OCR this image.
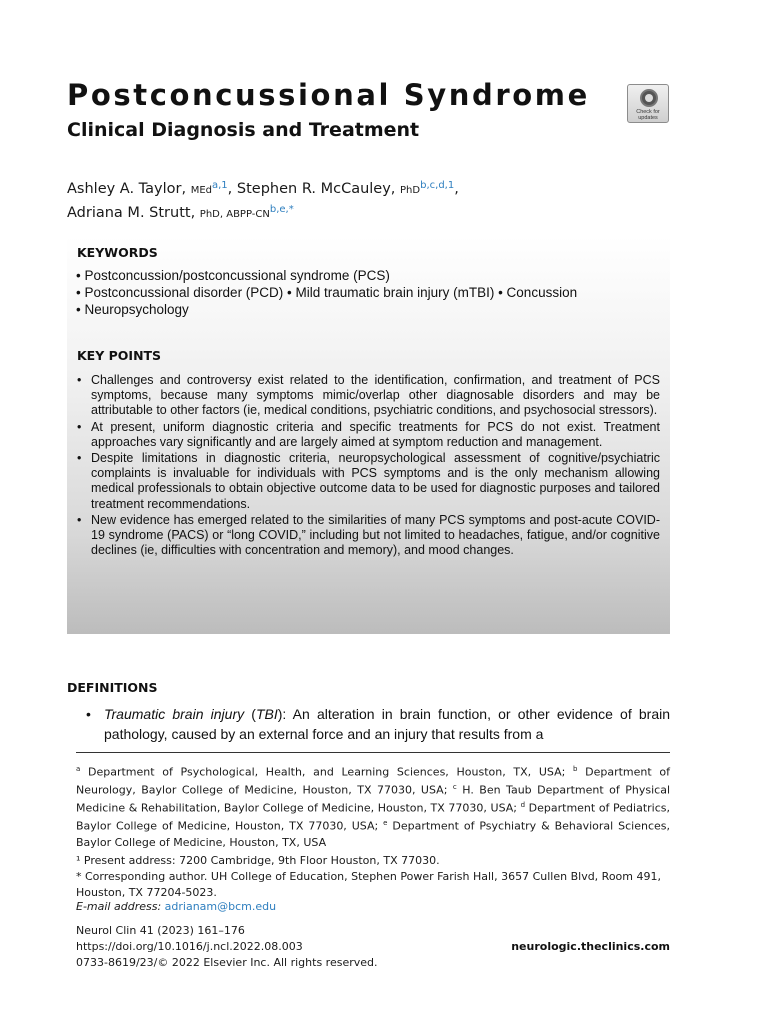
Postconcussional Syndrome
Clinical Diagnosis and Treatment
Check for updates
Ashley A. Taylor, MEd$^{a,1}$, Stephen R. McCauley, PhD$^{b,c,d,1}$,
Adriana M. Strutt, PhD, ABPP-CN$^{b,e,*}$
KEYWORDS
• Postconcussion/postconcussional syndrome (PCS)
• Postconcussional disorder (PCD) • Mild traumatic brain injury (mTBI) • Concussion
• Neuropsychology
KEY POINTS
• Challenges and controversy exist related to the identification, confirmation, and treatment of PCS symptoms, because many symptoms mimic/overlap other diagnosable disorders and may be attributable to other factors (ie, medical conditions, psychiatric conditions, and psychosocial stressors).
• At present, uniform diagnostic criteria and specific treatments for PCS do not exist. Treatment approaches vary significantly and are largely aimed at symptom reduction and management.
• Despite limitations in diagnostic criteria, neuropsychological assessment of cognitive/psychiatric complaints is invaluable for individuals with PCS symptoms and is the only mechanism allowing medical professionals to obtain objective outcome data to be used for diagnostic purposes and tailored treatment recommendations.
• New evidence has emerged related to the similarities of many PCS symptoms and post-acute COVID-19 syndrome (PACS) or “long COVID,” including but not limited to headaches, fatigue, and/or cognitive declines (ie, difficulties with concentration and memory), and mood changes.
DEFINITIONS
• Traumatic brain injury (TBI): An alteration in brain function, or other evidence of brain pathology, caused by an external force and an injury that results from a
$^a$ Department of Psychological, Health, and Learning Sciences, Houston, TX, USA; $^b$ Department of Neurology, Baylor College of Medicine, Houston, TX 77030, USA; $^c$ H. Ben Taub Department of Physical Medicine & Rehabilitation, Baylor College of Medicine, Houston, TX 77030, USA; $^d$ Department of Pediatrics, Baylor College of Medicine, Houston, TX 77030, USA; $^e$ Department of Psychiatry & Behavioral Sciences, Baylor College of Medicine, Houston, TX, USA
¹ Present address: 7200 Cambridge, 9th Floor Houston, TX 77030.
* Corresponding author. UH College of Education, Stephen Power Farish Hall, 3657 Cullen Blvd, Room 491, Houston, TX 77204-5023.
E-mail address: adrianam@bcm.edu
Neurol Clin 41 (2023) 161–176
https://doi.org/10.1016/j.ncl.2022.08.003
0733-8619/23/© 2022 Elsevier Inc. All rights reserved.
neurologic.theclinics.com
